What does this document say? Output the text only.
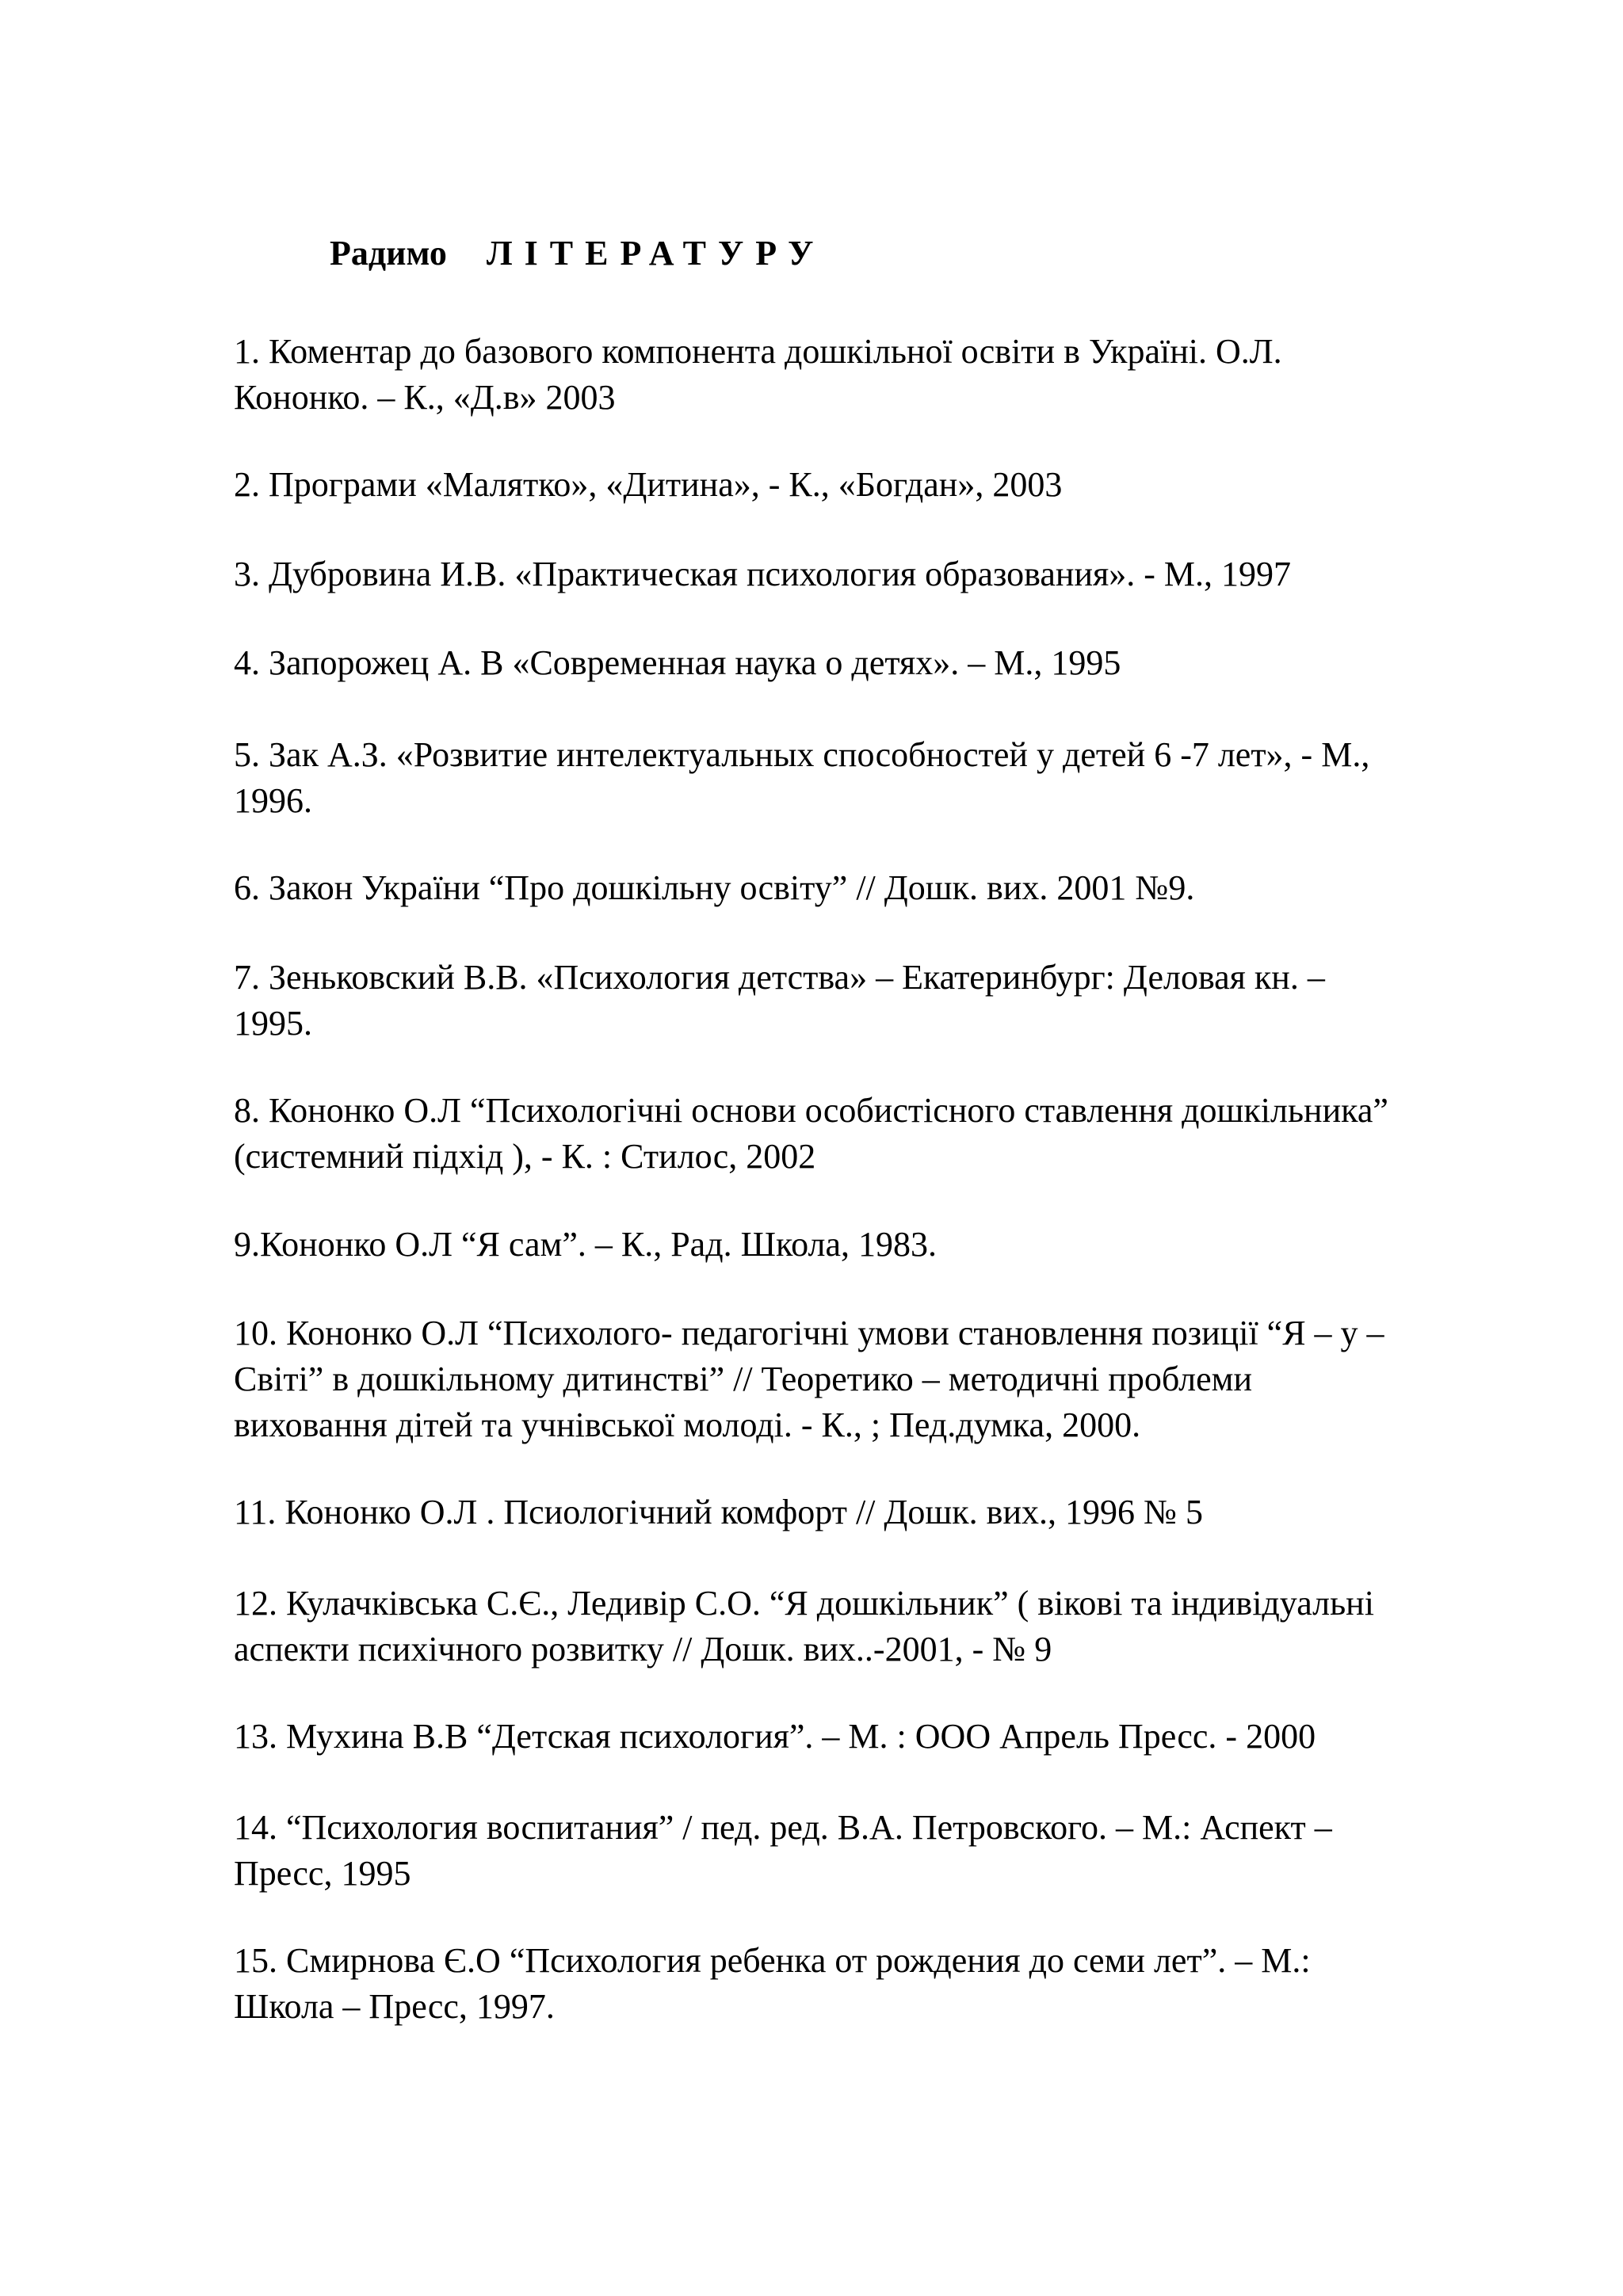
Радимо ЛІТЕРАТУРУ
1. Коментар до базового компонента дошкільної освіти в Україні. О.Л.
Кононко. – К., «Д.в» 2003
2. Програми «Малятко», «Дитина», - К., «Богдан», 2003
3. Дубровина И.В. «Практическая психология образования». - М., 1997
4. Запорожец А. В «Современная наука о детях». – М., 1995
5. Зак А.З. «Розвитие интелектуальных способностей у детей 6 -7 лет», - М.,
1996.
6. Закон України “Про дошкільну освіту” // Дошк. вих. 2001 №9.
7. Зеньковский В.В. «Психология детства» – Екатеринбург: Деловая кн. –
1995.
8. Кононко О.Л “Психологічні основи особистісного ставлення дошкільника”
(системний підхід ), - К. : Стилос, 2002
9.Кононко О.Л “Я сам”. – К., Рад. Школа, 1983.
10. Кононко О.Л “Психолого- педагогічні умови становлення позиції “Я – у –
Світі” в дошкільному дитинстві” // Теоретико – методичні проблеми
виховання дітей та учнівської молоді. - К., ; Пед.думка, 2000.
11. Кононко О.Л . Псиологічний комфорт // Дошк. вих., 1996 № 5
12. Кулачківська С.Є., Ледивір С.О. “Я дошкільник” ( вікові та індивідуальні
аспекти психічного розвитку // Дошк. вих..-2001, - № 9
13. Мухина В.В “Детская психология”. – М. : ООО Апрель Пресс. - 2000
14. “Психология воспитания” / пед. ред. В.А. Петровского. – М.: Аспект –
Пресс, 1995
15. Смирнова Є.О “Психология ребенка от рождения до семи лет”. – М.:
Школа – Пресс, 1997.
